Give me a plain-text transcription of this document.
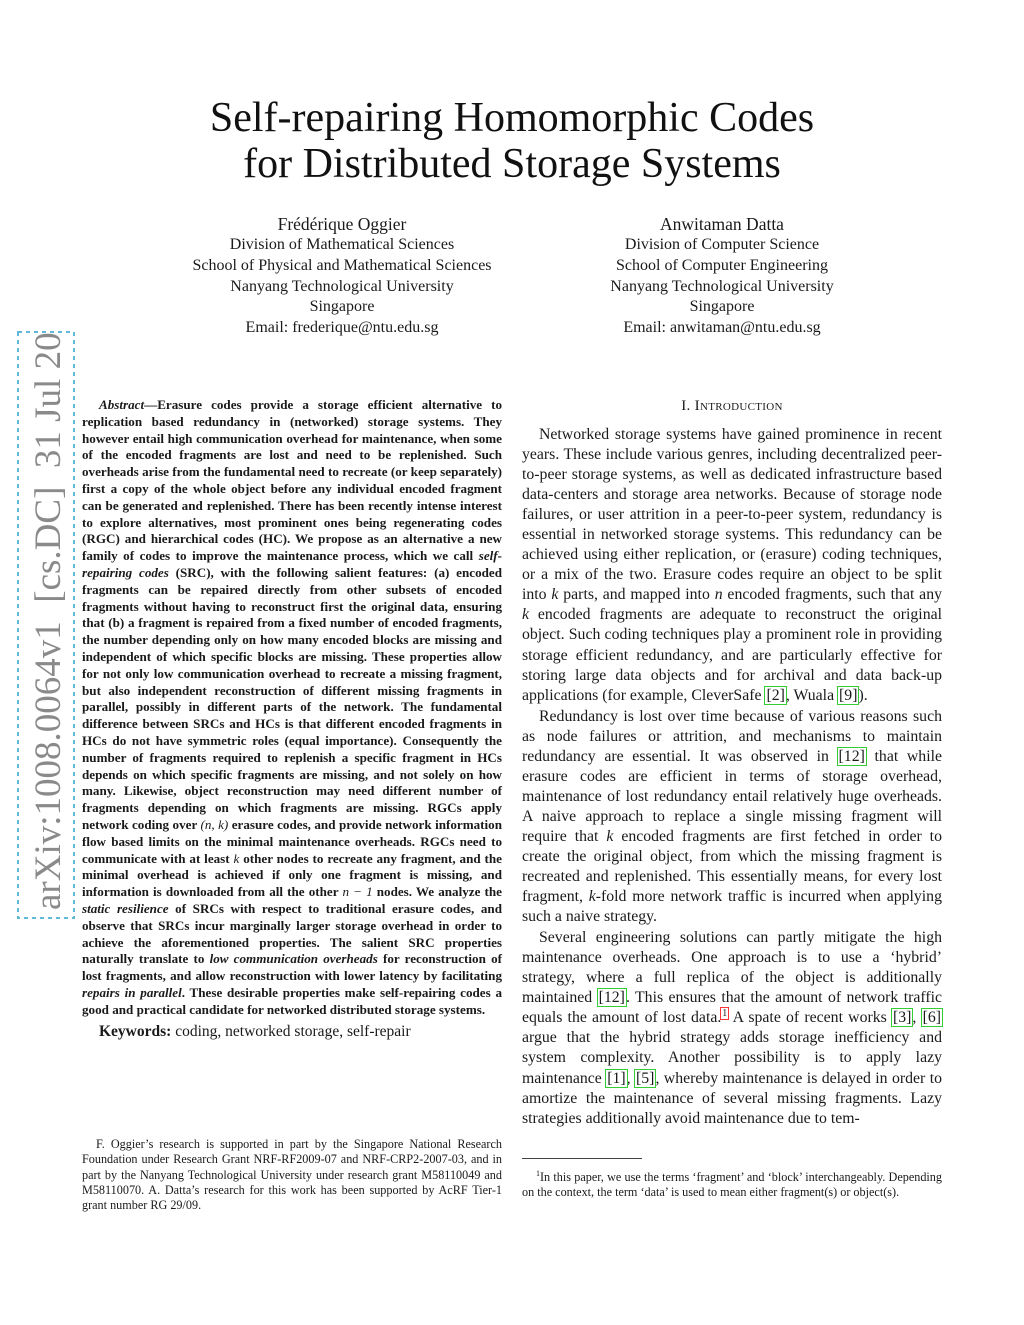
arXiv:1008.0064v1  [cs.DC]  31 Jul 2010
Self-repairing Homomorphic Codes
for Distributed Storage Systems
Frédérique Oggier
Division of Mathematical Sciences
School of Physical and Mathematical Sciences
Nanyang Technological University
Singapore
Email: frederique@ntu.edu.sg
Anwitaman Datta
Division of Computer Science
School of Computer Engineering
Nanyang Technological University
Singapore
Email: anwitaman@ntu.edu.sg

Abstract—Erasure codes provide a storage efficient alternative to replication based redundancy in (networked) storage systems. They however entail high communication overhead for maintenance, when some of the encoded fragments are lost and need to be replenished. Such overheads arise from the fundamental need to recreate (or keep separately) first a copy of the whole object before any individual encoded fragment can be generated and replenished. There has been recently intense interest to explore alternatives, most prominent ones being regenerating codes (RGC) and hierarchical codes (HC). We propose as an alternative a new family of codes to improve the maintenance process, which we call self-repairing codes (SRC), with the following salient features: (a) encoded fragments can be repaired directly from other subsets of encoded fragments without having to reconstruct first the original data, ensuring that (b) a fragment is repaired from a fixed number of encoded fragments, the number depending only on how many encoded blocks are missing and independent of which specific blocks are missing. These properties allow for not only low communication overhead to recreate a missing fragment, but also independent reconstruction of different missing fragments in parallel, possibly in different parts of the network. The fundamental difference between SRCs and HCs is that different encoded fragments in HCs do not have symmetric roles (equal importance). Consequently the number of fragments required to replenish a specific fragment in HCs depends on which specific fragments are missing, and not solely on how many. Likewise, object reconstruction may need different number of fragments depending on which fragments are missing. RGCs apply network coding over (n, k) erasure codes, and provide network information flow based limits on the minimal maintenance overheads. RGCs need to communicate with at least k other nodes to recreate any fragment, and the minimal overhead is achieved if only one fragment is missing, and information is downloaded from all the other n − 1 nodes. We analyze the static resilience of SRCs with respect to traditional erasure codes, and observe that SRCs incur marginally larger storage overhead in order to achieve the aforementioned properties. The salient SRC properties naturally translate to low communication overheads for reconstruction of lost fragments, and allow reconstruction with lower latency by facilitating repairs in parallel. These desirable properties make self-repairing codes a good and practical candidate for networked distributed storage systems.

Keywords: coding, networked storage, self-repair
F. Oggier’s research is supported in part by the Singapore National Research Foundation under Research Grant NRF-RF2009-07 and NRF-CRP2-2007-03, and in part by the Nanyang Technological University under research grant M58110049 and M58110070. A. Datta’s research for this work has been supported by AcRF Tier-1 grant number RG 29/09.
I. Introduction

Networked storage systems have gained prominence in recent years. These include various genres, including decentralized peer-to-peer storage systems, as well as dedicated infrastructure based data-centers and storage area networks. Because of storage node failures, or user attrition in a peer-to-peer system, redundancy is essential in networked storage systems. This redundancy can be achieved using either replication, or (erasure) coding techniques, or a mix of the two. Erasure codes require an object to be split into k parts, and mapped into n encoded fragments, such that any k encoded fragments are adequate to reconstruct the original object. Such coding techniques play a prominent role in providing storage efficient redundancy, and are particularly effective for storing large data objects and for archival and data back-up applications (for example, CleverSafe [2], Wuala [9]).

Redundancy is lost over time because of various reasons such as node failures or attrition, and mechanisms to maintain redundancy are essential. It was observed in [12] that while erasure codes are efficient in terms of storage overhead, maintenance of lost redundancy entail relatively huge overheads. A naive approach to replace a single missing fragment will require that k encoded fragments are first fetched in order to create the original object, from which the missing fragment is recreated and replenished. This essentially means, for every lost fragment, k-fold more network traffic is incurred when applying such a naive strategy.

Several engineering solutions can partly mitigate the high maintenance overheads. One approach is to use a ‘hybrid’ strategy, where a full replica of the object is additionally maintained [12]. This ensures that the amount of network traffic equals the amount of lost data.$^1$ A spate of recent works [3], [6] argue that the hybrid strategy adds storage inefficiency and system complexity. Another possibility is to apply lazy maintenance [1], [5], whereby maintenance is delayed in order to amortize the maintenance of several missing fragments. Lazy strategies additionally avoid maintenance due to tem-

$^1$In this paper, we use the terms ‘fragment’ and ‘block’ interchangeably. Depending on the context, the term ‘data’ is used to mean either fragment(s) or object(s).
